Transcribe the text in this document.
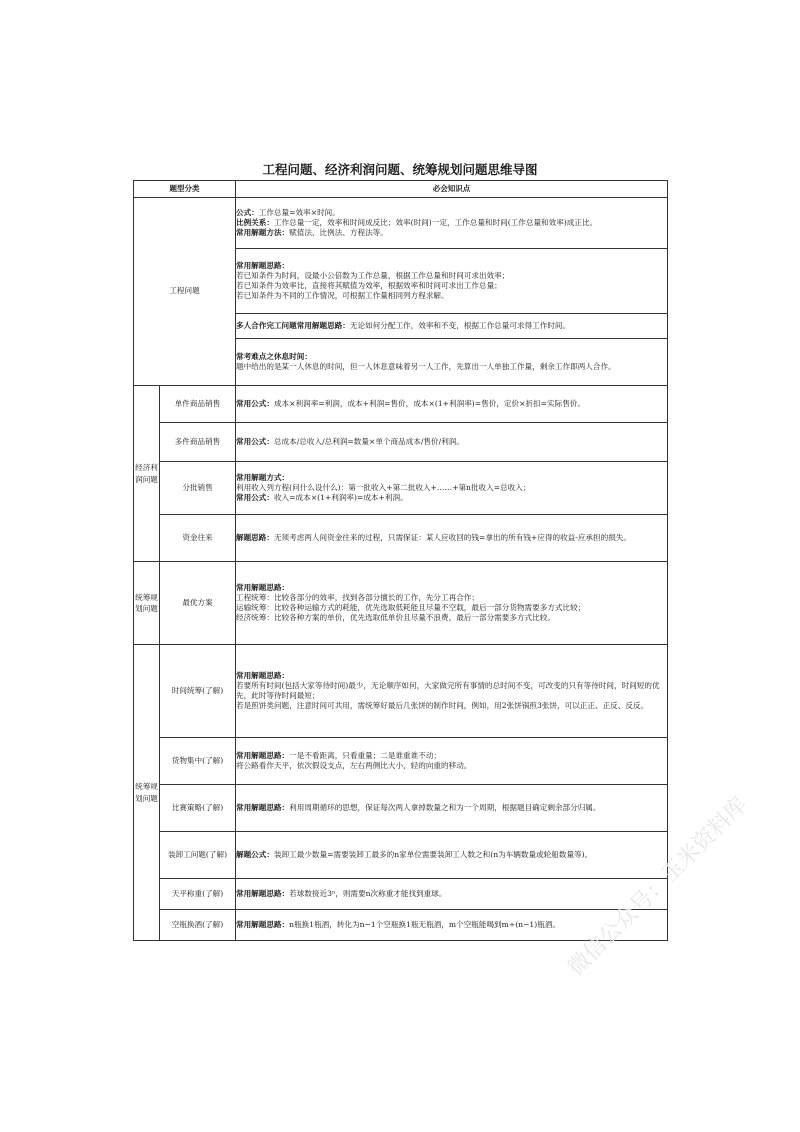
工程问题、经济利润问题、统筹规划问题思维导图
题型分类		必会知识点
工程问题		公式：工作总量=效率×时间。
比例关系：工作总量一定，效率和时间成反比；效率(时间)一定，工作总量和时间(工作总量和效率)成正比。
常用解题方法：赋值法、比例法、方程法等。

		常用解题思路：
若已知条件为时间，设最小公倍数为工作总量，根据工作总量和时间可求出效率；
若已知条件为效率比，直接将其赋值为效率，根据效率和时间可求出工作总量；
若已知条件为不同的工作情况，可根据工作量相同列方程求解。

		多人合作完工问题常用解题思路：无论如何分配工作，效率和不变，根据工作总量可求得工作时间。

		常考难点之休息时间：
题中给出的是某一人休息的时间，但一人休息意味着另一人工作，先算出一人单独工作量，剩余工作即两人合作。

经济利润问题	单件商品销售	常用公式：成本×利润率=利润，成本+利润=售价，成本×(1+利润率)=售价，定价×折扣=实际售价。
	多件商品销售	常用公式：总成本/总收入/总利润=数量×单个商品成本/售价/利润。
	分批销售	常用解题方式：
利用收入列方程(问什么设什么)：第一批收入+第二批收入+……+第n批收入=总收入；
常用公式：收入=成本×(1+利润率)=成本+利润。

	资金往来	解题思路：无须考虑两人间资金往来的过程，只需保证：某人应收回的钱=拿出的所有钱+应得的收益-应承担的损失。
统筹规划问题	最优方案	常用解题思路：
工程统筹：比较各部分的效率，找到各部分擅长的工作，先分工再合作；
运输统筹：比较各种运输方式的耗能，优先选取低耗能且尽量不空载，最后一部分货物需要多方式比较；
经济统筹：比较各种方案的单价，优先选取低单价且尽量不浪费，最后一部分需要多方式比较。

统筹规划问题	时间统筹(了解)	常用解题思路：
若要所有时间(包括大家等待时间)最少，无论顺序如何，大家做完所有事情的总时间不变，可改变的只有等待时间，时间短的优先，此时等待时间最短；
若是煎饼类问题，注意时间可共用，需统筹好最后几张饼的制作时间，例如，用2张饼锅煎3张饼，可以正正、正反、反反。

	货物集中(了解)	常用解题思路：一是不看距离，只看重量；二是谁重谁不动；
将公路看作天平，依次假设支点，左右两侧比大小，轻的向重的移动。

	比赛策略(了解)	常用解题思路：利用周期循环的思想，保证每次两人拿掉数量之和为一个周期，根据题目确定剩余部分归属。
	装卸工问题(了解)	解题公式：装卸工最少数量=需要装卸工最多的n家单位需要装卸工人数之和(n为车辆数量或轮船数量等)。
	天平称重(了解)	常用解题思路：若球数接近3ⁿ，则需要n次称重才能找到重球。
	空瓶换酒(了解)	常用解题思路：n瓶换1瓶酒，转化为n−1个空瓶换1瓶无瓶酒，m个空瓶能喝到m÷(n−1)瓶酒。 微信公众号：玉米资料库
